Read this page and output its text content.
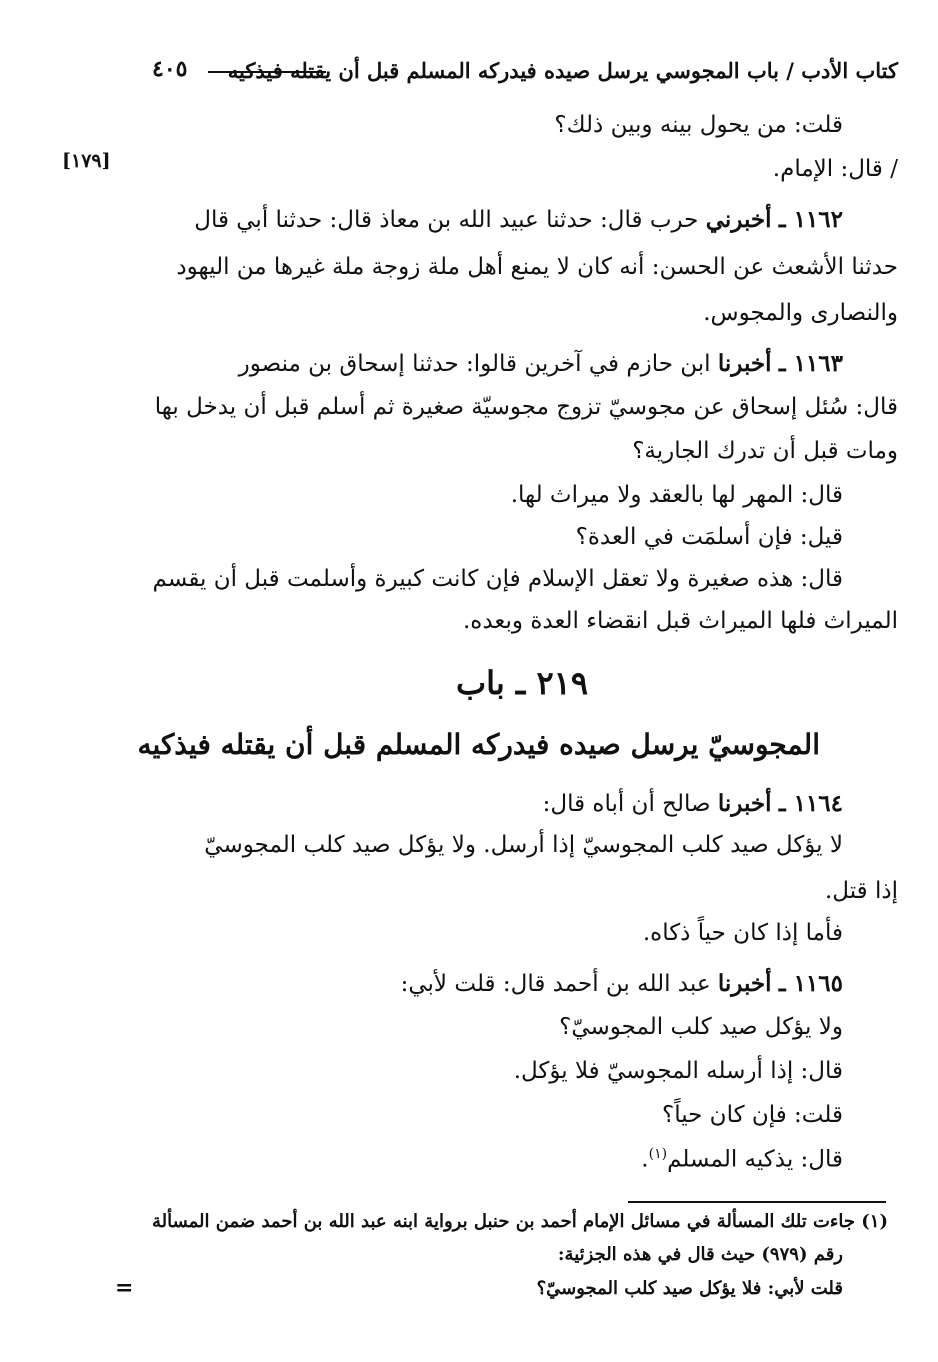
كتاب الأدب / باب المجوسي يرسل صيده فيدركه المسلم قبل أن يقتله فيذكيه
٤٠٥
[١٧٩]
قلت: من يحول بينه وبين ذلك؟
/ قال: الإمام.
١١٦٢ ـ أخبرني حرب قال: حدثنا عبيد الله بن معاذ قال: حدثنا أبي قال
حدثنا الأشعث عن الحسن: أنه كان لا يمنع أهل ملة زوجة ملة غيرها من اليهود
والنصارى والمجوس.
١١٦٣ ـ أخبرنا ابن حازم في آخرين قالوا: حدثنا إسحاق بن منصور
قال: سُئل إسحاق عن مجوسيّ تزوج مجوسيّة صغيرة ثم أسلم قبل أن يدخل بها
ومات قبل أن تدرك الجارية؟
قال: المهر لها بالعقد ولا ميراث لها.
قيل: فإن أسلمَت في العدة؟
قال: هذه صغيرة ولا تعقل الإسلام فإن كانت كبيرة وأسلمت قبل أن يقسم
الميراث فلها الميراث قبل انقضاء العدة وبعده.
٢١٩ ـ باب
المجوسيّ يرسل صيده فيدركه المسلم قبل أن يقتله فيذكيه
١١٦٤ ـ أخبرنا صالح أن أباه قال:
لا يؤكل صيد كلب المجوسيّ إذا أرسل. ولا يؤكل صيد كلب المجوسيّ
إذا قتل.
فأما إذا كان حياً ذكاه.
١١٦٥ ـ أخبرنا عبد الله بن أحمد قال: قلت لأبي:
ولا يؤكل صيد كلب المجوسيّ؟
قال: إذا أرسله المجوسيّ فلا يؤكل.
قلت: فإن كان حياً؟
قال: يذكيه المسلم$^{(١)}$.
(١) جاءت تلك المسألة في مسائل الإمام أحمد بن حنبل برواية ابنه عبد الله بن أحمد ضمن المسألة
رقم (٩٧٩) حيث قال في هذه الجزئية:
قلت لأبي: فلا يؤكل صيد كلب المجوسيّ؟
=
